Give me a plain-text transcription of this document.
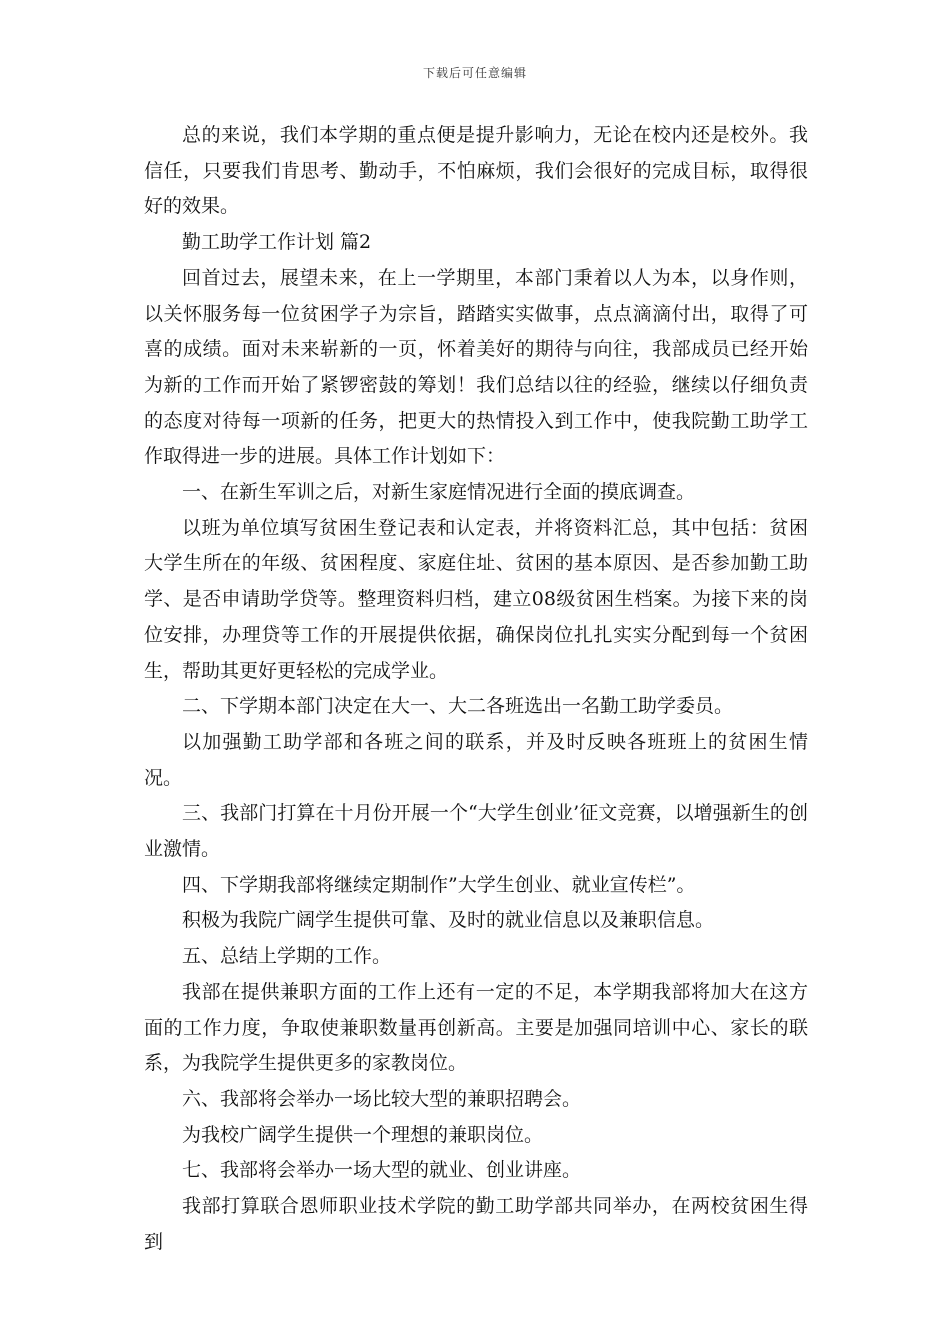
下载后可任意编辑

总的来说，我们本学期的重点便是提升影响力，无论在校内还是校外。我信任，只要我们肯思考、勤动手，不怕麻烦，我们会很好的完成目标，取得很好的效果。

勤工助学工作计划 篇2

回首过去，展望未来，在上一学期里，本部门秉着以人为本，以身作则，以关怀服务每一位贫困学子为宗旨，踏踏实实做事，点点滴滴付出，取得了可喜的成绩。面对未来崭新的一页，怀着美好的期待与向往，我部成员已经开始为新的工作而开始了紧锣密鼓的筹划！我们总结以往的经验，继续以仔细负责的态度对待每一项新的任务，把更大的热情投入到工作中，使我院勤工助学工作取得进一步的进展。具体工作计划如下：

一、在新生军训之后，对新生家庭情况进行全面的摸底调查。

以班为单位填写贫困生登记表和认定表，并将资料汇总，其中包括：贫困大学生所在的年级、贫困程度、家庭住址、贫困的基本原因、是否参加勤工助学、是否申请助学贷等。整理资料归档，建立08级贫困生档案。为接下来的岗位安排，办理贷等工作的开展提供依据，确保岗位扎扎实实分配到每一个贫困生，帮助其更好更轻松的完成学业。

二、下学期本部门决定在大一、大二各班选出一名勤工助学委员。

以加强勤工助学部和各班之间的联系，并及时反映各班班上的贫困生情况。

三、我部门打算在十月份开展一个“大学生创业’征文竞赛，以增强新生的创业激情。

四、下学期我部将继续定期制作”大学生创业、就业宣传栏”。

积极为我院广阔学生提供可靠、及时的就业信息以及兼职信息。

五、总结上学期的工作。

我部在提供兼职方面的工作上还有一定的不足，本学期我部将加大在这方面的工作力度，争取使兼职数量再创新高。主要是加强同培训中心、家长的联系，为我院学生提供更多的家教岗位。

六、我部将会举办一场比较大型的兼职招聘会。

为我校广阔学生提供一个理想的兼职岗位。

七、我部将会举办一场大型的就业、创业讲座。

我部打算联合恩师职业技术学院的勤工助学部共同举办，在两校贫困生得到
